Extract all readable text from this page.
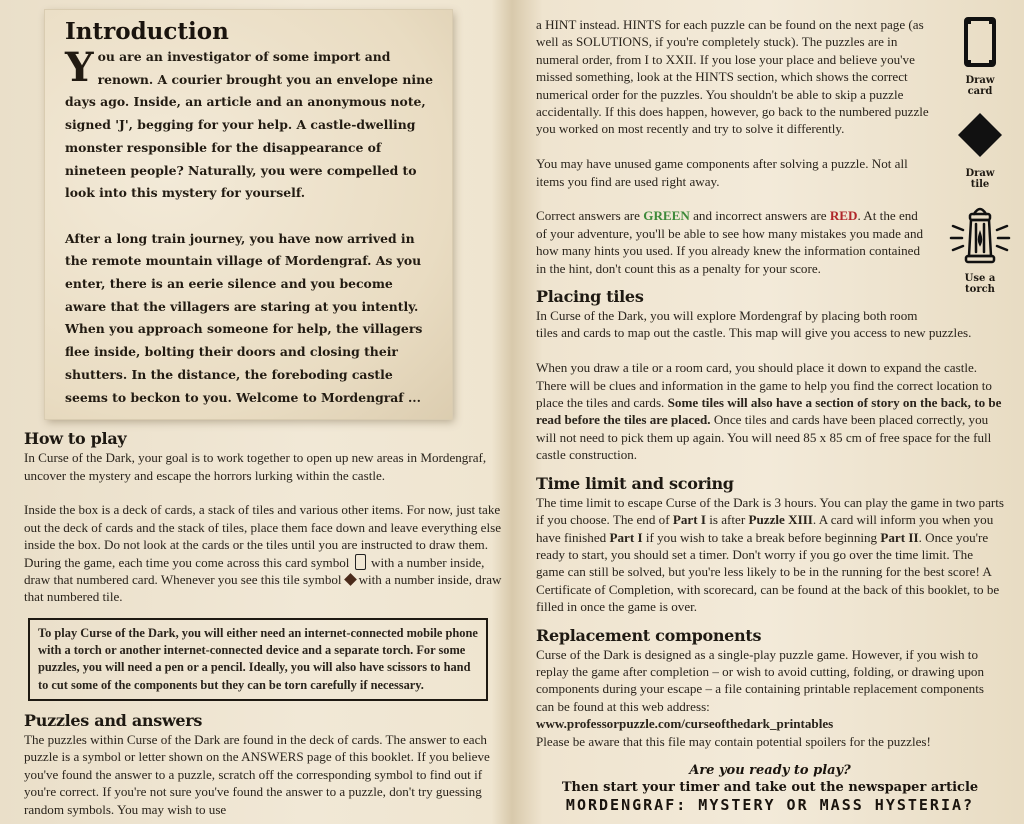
Introduction

You are an investigator of some import and renown. A courier brought you an envelope nine days ago. Inside, an article and an anonymous note, signed 'J', begging for your help. A castle-dwelling monster responsible for the disappearance of nineteen people? Naturally, you were compelled to look into this mystery for yourself.

After a long train journey, you have now arrived in the remote mountain village of Mordengraf. As you enter, there is an eerie silence and you become aware that the villagers are staring at you intently. When you approach someone for help, the villagers flee inside, bolting their doors and closing their shutters. In the distance, the foreboding castle seems to beckon to you. Welcome to Mordengraf ...

How to play

In Curse of the Dark, your goal is to work together to open up new areas in Mordengraf, uncover the mystery and escape the horrors lurking within the castle.

Inside the box is a deck of cards, a stack of tiles and various other items. For now, just take out the deck of cards and the stack of tiles, place them face down and leave everything else inside the box. Do not look at the cards or the tiles until you are instructed to draw them. During the game, each time you come across this card symbol with a number inside, draw that numbered card. Whenever you see this tile symbol with a number inside, draw that numbered tile.

To play Curse of the Dark, you will either need an internet-connected mobile phone with a torch or another internet-connected device and a separate torch. For some puzzles, you will need a pen or a pencil. Ideally, you will also have scissors to hand to cut some of the components but they can be torn carefully if necessary.
Puzzles and answers
The puzzles within Curse of the Dark are found in the deck of cards. The answer to each puzzle is a symbol or letter shown on the ANSWERS page of this booklet. If you believe you've found the answer to a puzzle, scratch off the corresponding symbol to find out if you're correct. If you're not sure you've found the answer to a puzzle, don't try guessing random symbols. You may wish to use
Draw card
Draw tile
Use a torch

a HINT instead. HINTS for each puzzle can be found on the next page (as well as SOLUTIONS, if you're completely stuck). The puzzles are in numeral order, from I to XXII. If you lose your place and believe you've missed something, look at the HINTS section, which shows the correct numerical order for the puzzles. You shouldn't be able to skip a puzzle accidentally. If this does happen, however, go back to the numbered puzzle you worked on most recently and try to solve it differently.

You may have unused game components after solving a puzzle. Not all items you find are used right away.

Correct answers are GREEN and incorrect answers are RED. At the end of your adventure, you'll be able to see how many mistakes you made and how many hints you used. If you already knew the information contained in the hint, don't count this as a penalty for your score.

Placing tiles

In Curse of the Dark, you will explore Mordengraf by placing both room tiles and cards to map out the castle. This map will give you access to new puzzles.

When you draw a tile or a room card, you should place it down to expand the castle. There will be clues and information in the game to help you find the correct location to place the tiles and cards. Some tiles will also have a section of story on the back, to be read before the tiles are placed. Once tiles and cards have been placed correctly, you will not need to pick them up again. You will need 85 x 85 cm of free space for the full castle construction.

Time limit and scoring

The time limit to escape Curse of the Dark is 3 hours. You can play the game in two parts if you choose. The end of Part I is after Puzzle XIII. A card will inform you when you have finished Part I if you wish to take a break before beginning Part II. Once you're ready to start, you should set a timer. Don't worry if you go over the time limit. The game can still be solved, but you're less likely to be in the running for the best score! A Certificate of Completion, with scorecard, can be found at the back of this booklet, to be filled in once the game is over.

Replacement components
Curse of the Dark is designed as a single-play puzzle game. However, if you wish to replay the game after completion – or wish to avoid cutting, folding, or drawing upon components during your escape – a file containing printable replacement components can be found at this web address:
www.professorpuzzle.com/curseofthedark_printables
Please be aware that this file may contain potential spoilers for the puzzles!
Are you ready to play?
Then start your timer and take out the newspaper article
MORDENGRAF: MYSTERY OR MASS HYSTERIA?
